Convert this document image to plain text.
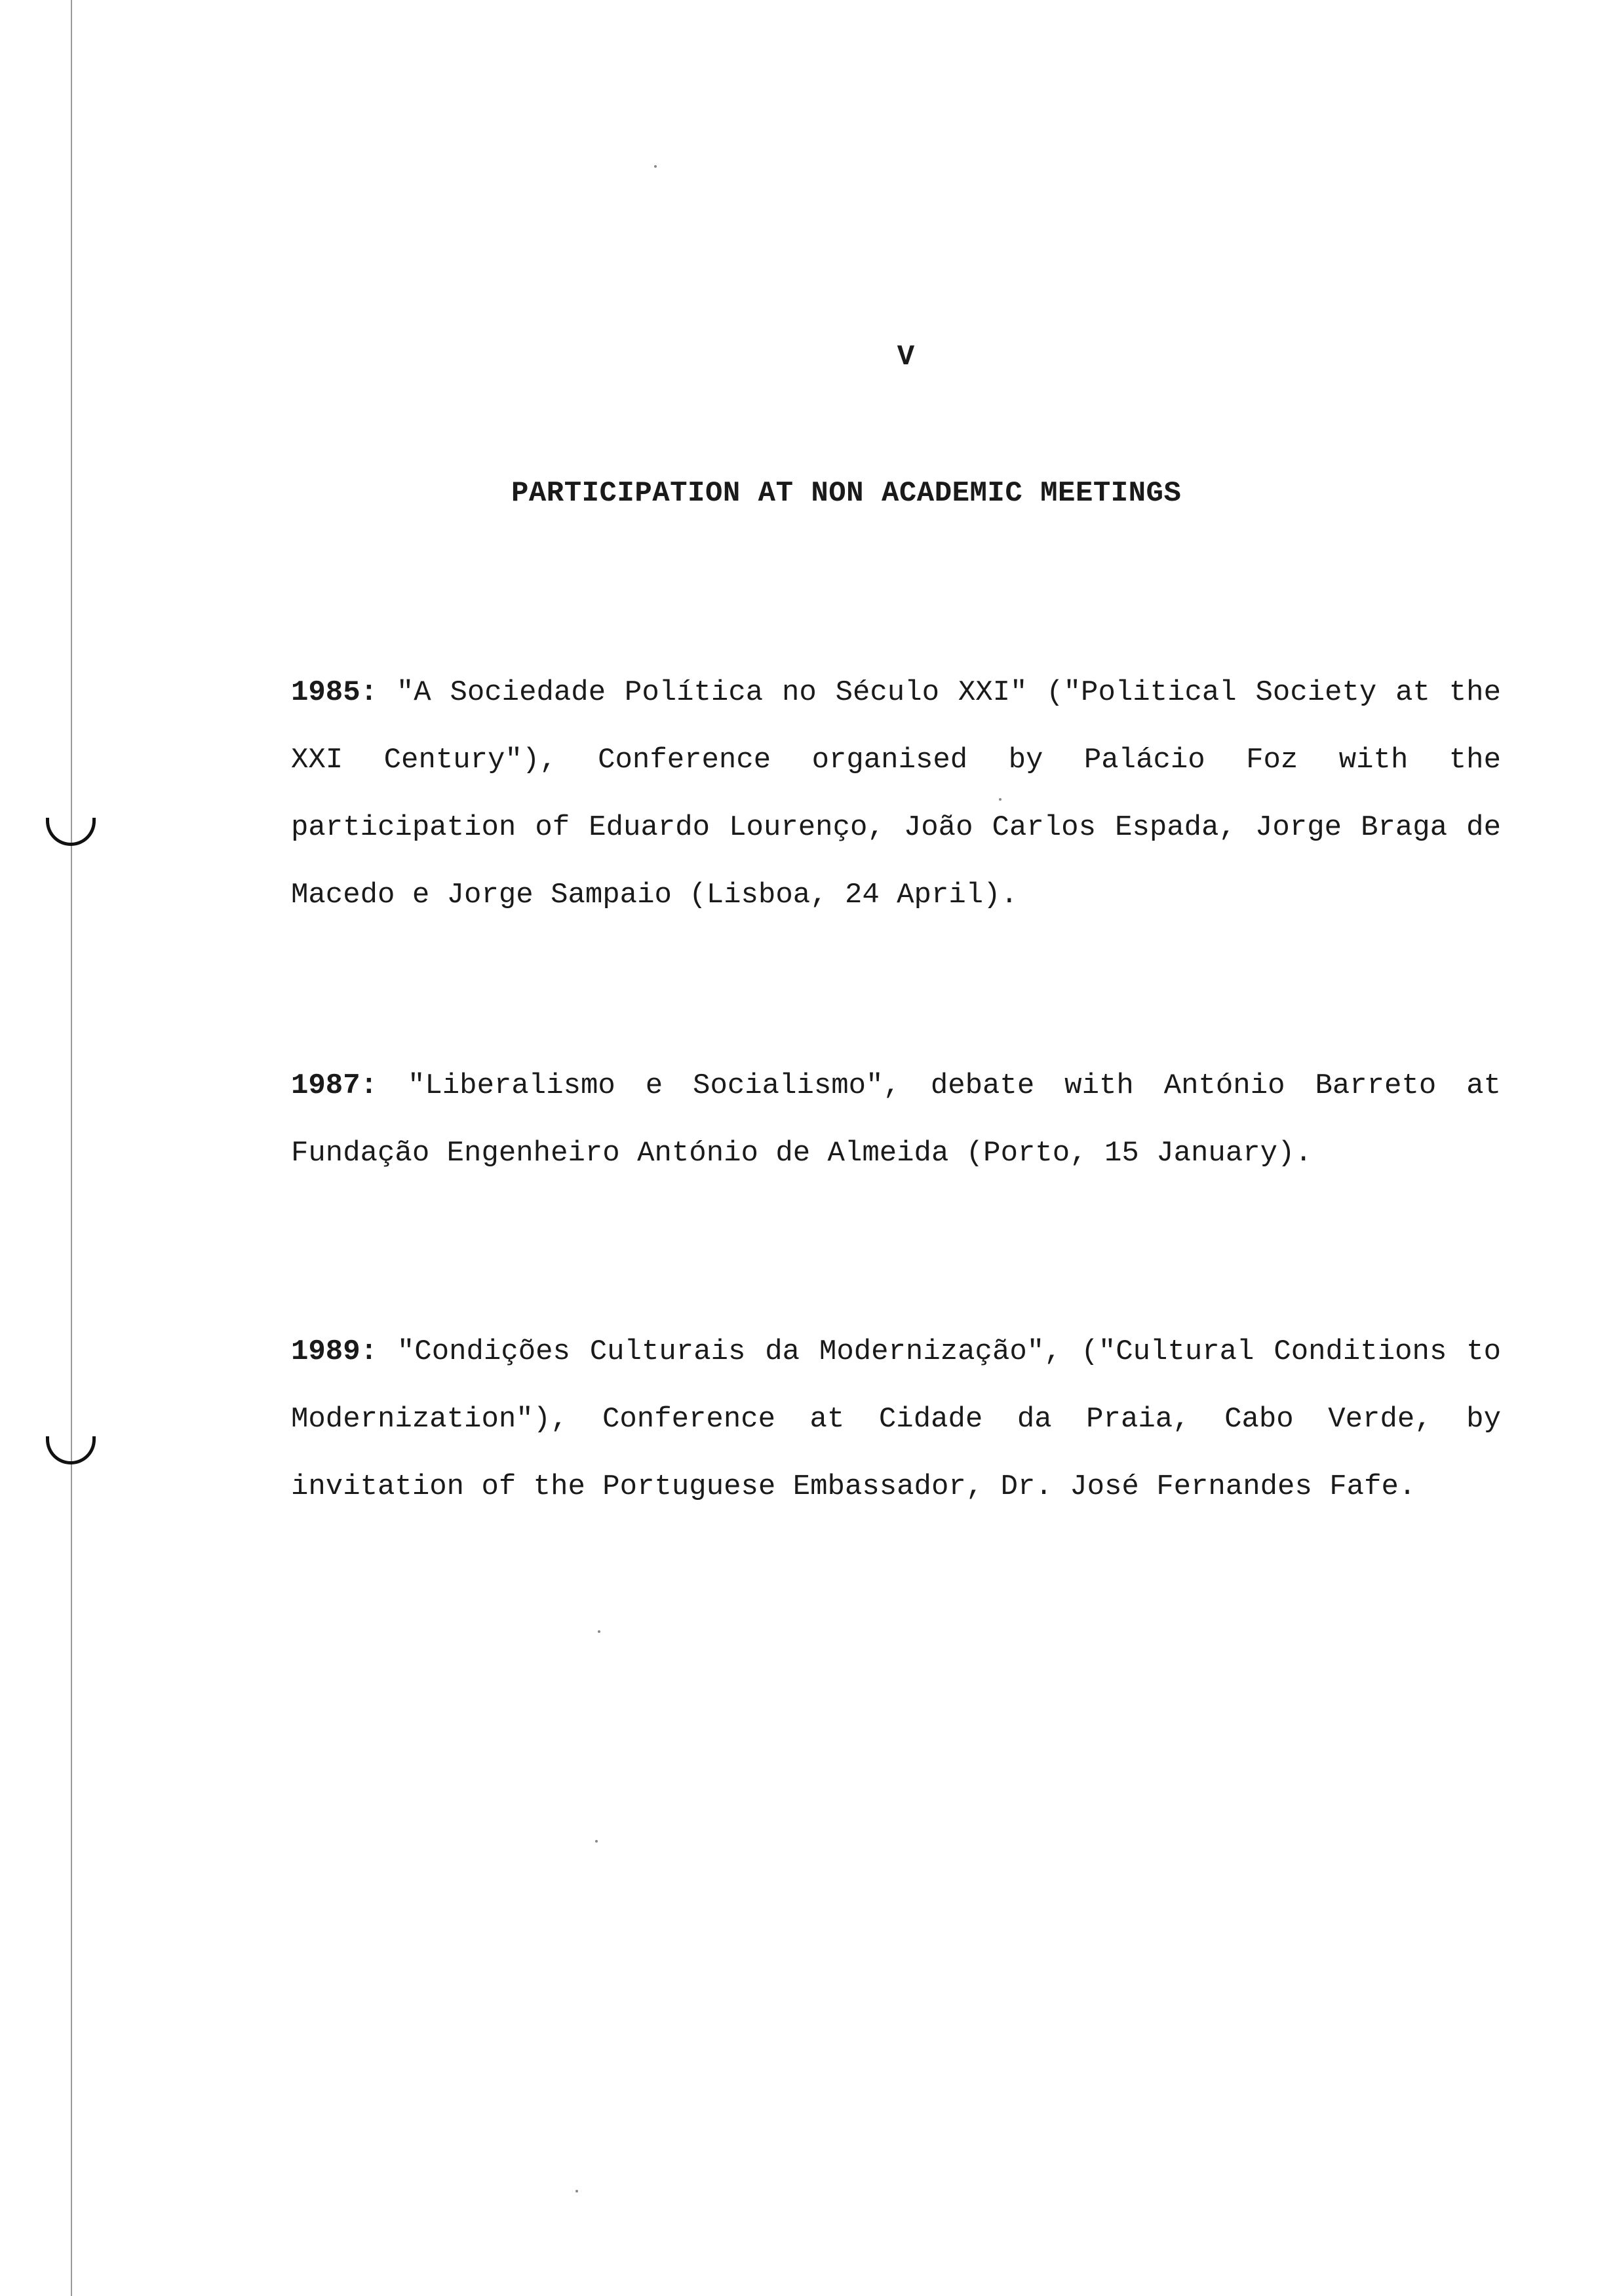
V
PARTICIPATION AT NON ACADEMIC MEETINGS
1985: "A Sociedade Política no Século XXI" ("Political Society at the XXI Century"), Conference organised by Palácio Foz with the participation of Eduardo Lourenço, João Carlos Espada, Jorge Braga de Macedo e Jorge Sampaio (Lisboa, 24 April).
1987: "Liberalismo e Socialismo", debate with António Barreto at Fundação Engenheiro António de Almeida (Porto, 15 January).
1989: "Condições Culturais da Modernização", ("Cultural Conditions to Modernization"), Conference at Cidade da Praia, Cabo Verde, by invitation of the Portuguese Embassador, Dr. José Fernandes Fafe.
